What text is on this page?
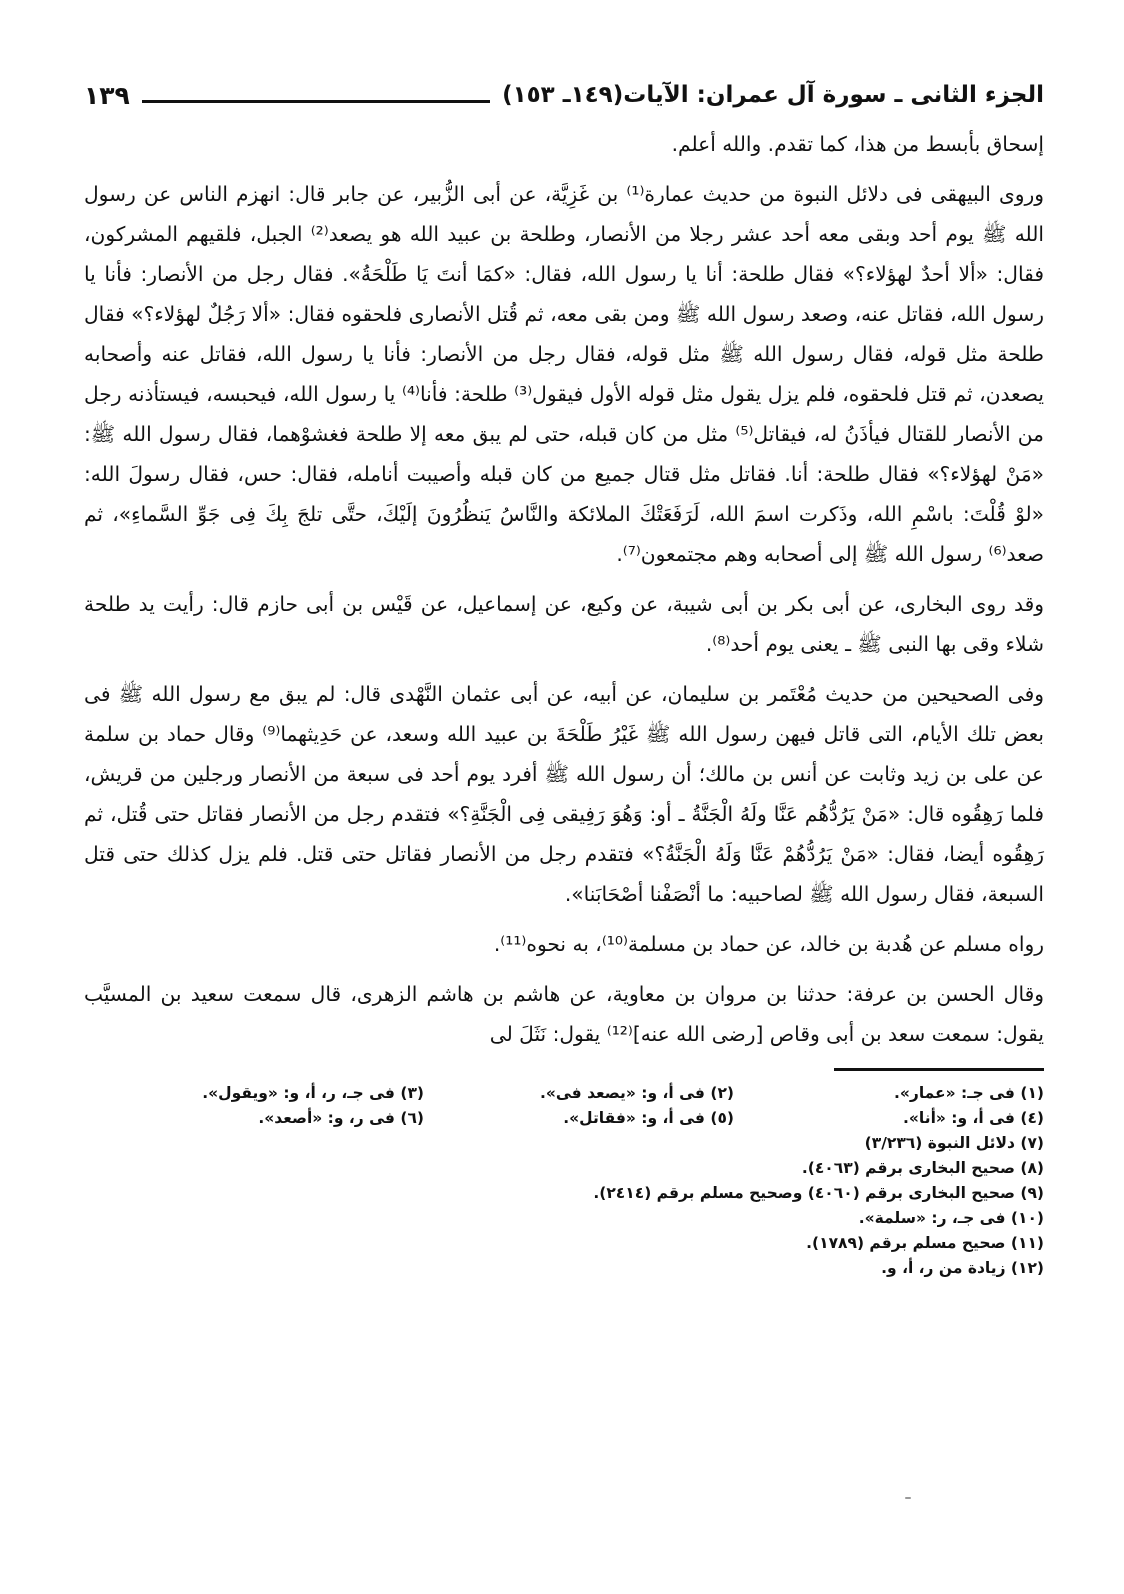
الجزء الثانى ـ سورة آل عمران: الآيات(١٤٩ـ ١٥٣)
١٣٩

إسحاق بأبسط من هذا، كما تقدم. والله أعلم.

وروى البيهقى فى دلائل النبوة من حديث عمارة⁽¹⁾ بن غَزِيَّة، عن أبى الزُّبير، عن جابر قال: انهزم الناس عن رسول الله ﷺ يوم أحد وبقى معه أحد عشر رجلا من الأنصار، وطلحة بن عبيد الله هو يصعد⁽²⁾ الجبل، فلقيهم المشركون، فقال: «ألا أحدٌ لهؤلاء؟» فقال طلحة: أنا يا رسول الله، فقال: «كمَا أنتَ يَا طَلْحَةُ». فقال رجل من الأنصار: فأنا يا رسول الله، فقاتل عنه، وصعد رسول الله ﷺ ومن بقى معه، ثم قُتل الأنصارى فلحقوه فقال: «ألا رَجُلٌ لهؤلاء؟» فقال طلحة مثل قوله، فقال رسول الله ﷺ مثل قوله، فقال رجل من الأنصار: فأنا يا رسول الله، فقاتل عنه وأصحابه يصعدن، ثم قتل فلحقوه، فلم يزل يقول مثل قوله الأول فيقول⁽³⁾ طلحة: فأنا⁽⁴⁾ يا رسول الله، فيحبسه، فيستأذنه رجل من الأنصار للقتال فيأذَنُ له، فيقاتل⁽⁵⁾ مثل من كان قبله، حتى لم يبق معه إلا طلحة فغشوْهما، فقال رسول الله ﷺ: «مَنْ لهؤلاء؟» فقال طلحة: أنا. فقاتل مثل قتال جميع من كان قبله وأصيبت أنامله، فقال: حس، فقال رسولَ الله: «لوْ قُلْتَ: باسْمِ الله، وذَكرت اسمَ الله، لَرَفَعَتْكَ الملائكة والنَّاسُ يَنظُرُونَ إلَيْكَ، حتَّى تلجَ بِكَ فِى جَوِّ السَّماءِ»، ثم صعد⁽⁶⁾ رسول الله ﷺ إلى أصحابه وهم مجتمعون⁽⁷⁾.

وقد روى البخارى، عن أبى بكر بن أبى شيبة، عن وكيع، عن إسماعيل، عن قَيْس بن أبى حازم قال: رأيت يد طلحة شلاء وقى بها النبى ﷺ ـ يعنى يوم أحد⁽⁸⁾.

وفى الصحيحين من حديث مُعْتَمر بن سليمان، عن أبيه، عن أبى عثمان النَّهْدى قال: لم يبق مع رسول الله ﷺ فى بعض تلك الأيام، التى قاتل فيهن رسول الله ﷺ غَيْرُ طَلْحَةَ بن عبيد الله وسعد، عن حَدِيثهما⁽⁹⁾ وقال حماد بن سلمة عن على بن زيد وثابت عن أنس بن مالك؛ أن رسول الله ﷺ أفرد يوم أحد فى سبعة من الأنصار ورجلين من قريش، فلما رَهِقُوه قال: «مَنْ يَرُدُّهُم عَنَّا ولَهُ الْجَنَّةُ ـ أو: وَهُوَ رَفِيقى فِى الْجَنَّةِ؟» فتقدم رجل من الأنصار فقاتل حتى قُتل، ثم رَهِقُوه أيضا، فقال: «مَنْ يَرُدُّهُمْ عَنَّا وَلَهُ الْجَنَّةُ؟» فتقدم رجل من الأنصار فقاتل حتى قتل. فلم يزل كذلك حتى قتل السبعة، فقال رسول الله ﷺ لصاحبيه: ما أنْصَفْنا أصْحَابَنا».

رواه مسلم عن هُدبة بن خالد، عن حماد بن مسلمة⁽¹⁰⁾، به نحوه⁽¹¹⁾.

وقال الحسن بن عرفة: حدثنا بن مروان بن معاوية، عن هاشم بن هاشم الزهرى، قال سمعت سعيد بن المسيَّب يقول: سمعت سعد بن أبى وقاص [رضى الله عنه]⁽¹²⁾ يقول: نَثَلَ لى

(١) فى جـ: «عمار».
(٢) فى أ، و: «يصعد فى».
(٣) فى جـ، ر، أ، و: «ويقول».
(٤) فى أ، و: «أنا».
(٥) فى أ، و: «فقاتل».
(٦) فى ر، و: «أصعد».
(٧) دلائل النبوة (٣/٢٣٦)
(٨) صحيح البخارى برقم (٤٠٦٣).
(٩) صحيح البخارى برقم (٤٠٦٠) وصحيح مسلم برقم (٢٤١٤).
(١٠) فى جـ، ر: «سلمة».
(١١) صحيح مسلم برقم (١٧٨٩).
(١٢) زيادة من ر، أ، و.
